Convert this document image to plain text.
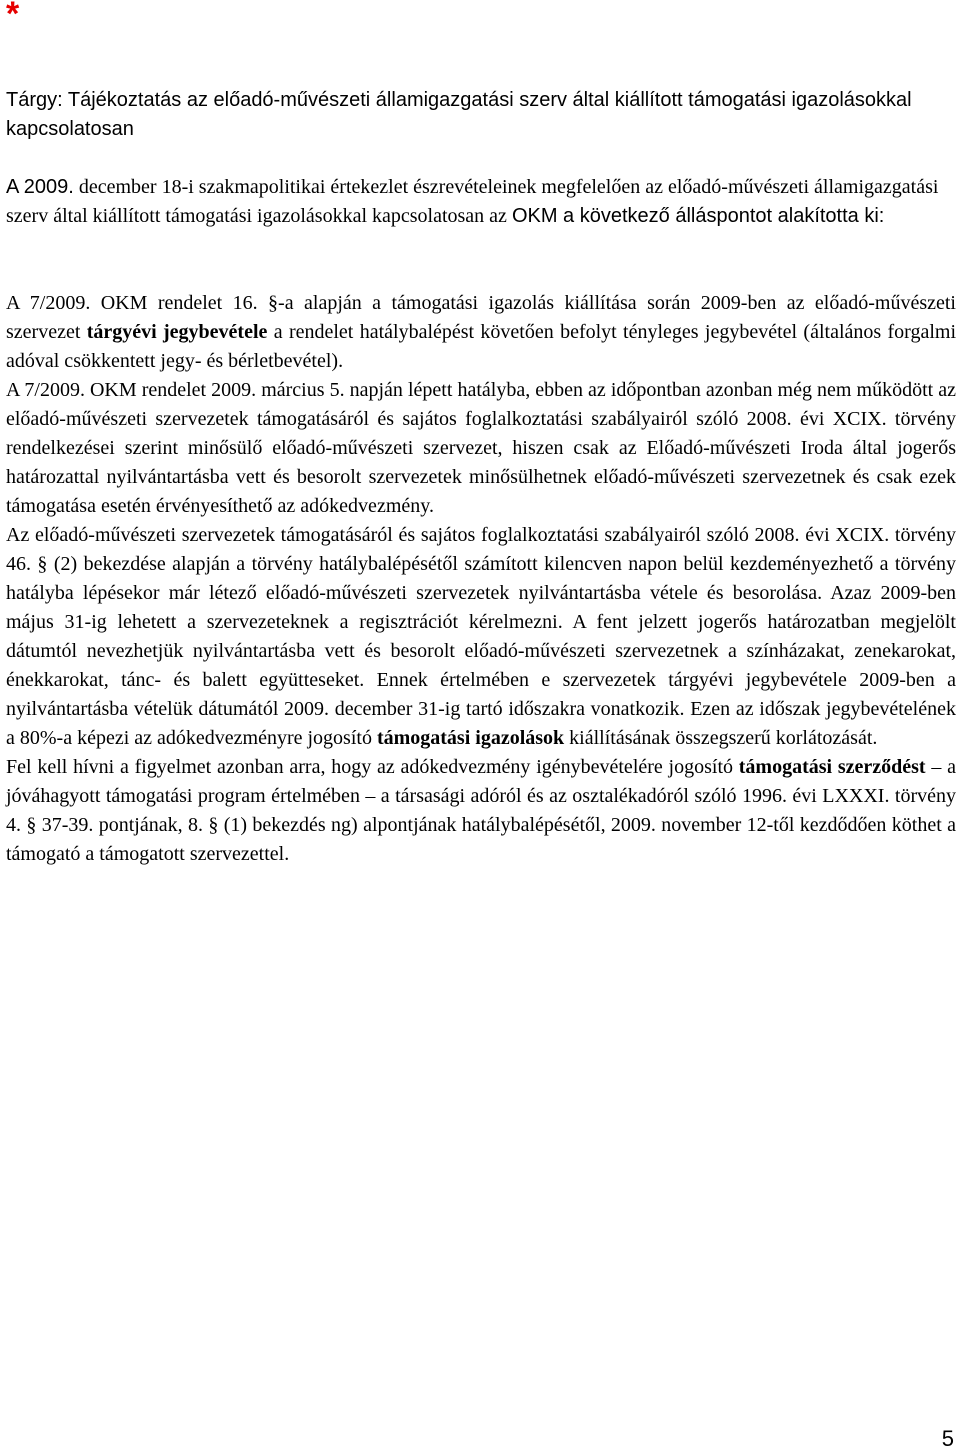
*
Tárgy: Tájékoztatás az előadó-művészeti államigazgatási szerv által kiállított támogatási igazolásokkal kapcsolatosan
A 2009. december 18-i szakmapolitikai értekezlet észrevételeinek megfelelően az előadó-művészeti államigazgatási szerv által kiállított támogatási igazolásokkal kapcsolatosan az OKM a következő álláspontot alakította ki:

A 7/2009. OKM rendelet 16. §-a alapján a támogatási igazolás kiállítása során 2009-ben az előadó-művészeti szervezet tárgyévi jegybevétele a rendelet hatálybalépést követően befolyt tényleges jegybevétel (általános forgalmi adóval csökkentett jegy- és bérletbevétel).

A 7/2009. OKM rendelet 2009. március 5. napján lépett hatályba, ebben az időpontban azonban még nem működött az előadó-művészeti szervezetek támogatásáról és sajátos foglalkoztatási szabályairól szóló 2008. évi XCIX. törvény rendelkezései szerint minősülő előadó-művészeti szervezet, hiszen csak az Előadó-művészeti Iroda által jogerős határozattal nyilvántartásba vett és besorolt szervezetek minősülhetnek előadó-művészeti szervezetnek és csak ezek támogatása esetén érvényesíthető az adókedvezmény.

Az előadó-művészeti szervezetek támogatásáról és sajátos foglalkoztatási szabályairól szóló 2008. évi XCIX. törvény 46. § (2) bekezdése alapján a törvény hatálybalépésétől számított kilencven napon belül kezdeményezhető a törvény hatályba lépésekor már létező előadó-művészeti szervezetek nyilvántartásba vétele és besorolása. Azaz 2009-ben május 31-ig lehetett a szervezeteknek a regisztrációt kérelmezni. A fent jelzett jogerős határozatban megjelölt dátumtól nevezhetjük nyilvántartásba vett és besorolt előadó-művészeti szervezetnek a színházakat, zenekarokat, énekkarokat, tánc- és balett együtteseket. Ennek értelmében e szervezetek tárgyévi jegybevétele 2009-ben a nyilvántartásba vételük dátumától 2009. december 31-ig tartó időszakra vonatkozik. Ezen az időszak jegybevételének a 80%-a képezi az adókedvezményre jogosító támogatási igazolások kiállításának összegszerű korlátozását.

Fel kell hívni a figyelmet azonban arra, hogy az adókedvezmény igénybevételére jogosító támogatási szerződést – a jóváhagyott támogatási program értelmében – a társasági adóról és az osztalékadóról szóló 1996. évi LXXXI. törvény 4. § 37-39. pontjának, 8. § (1) bekezdés ng) alpontjának hatálybalépésétől, 2009. november 12-től kezdődően köthet a támogató a támogatott szervezettel.

5
